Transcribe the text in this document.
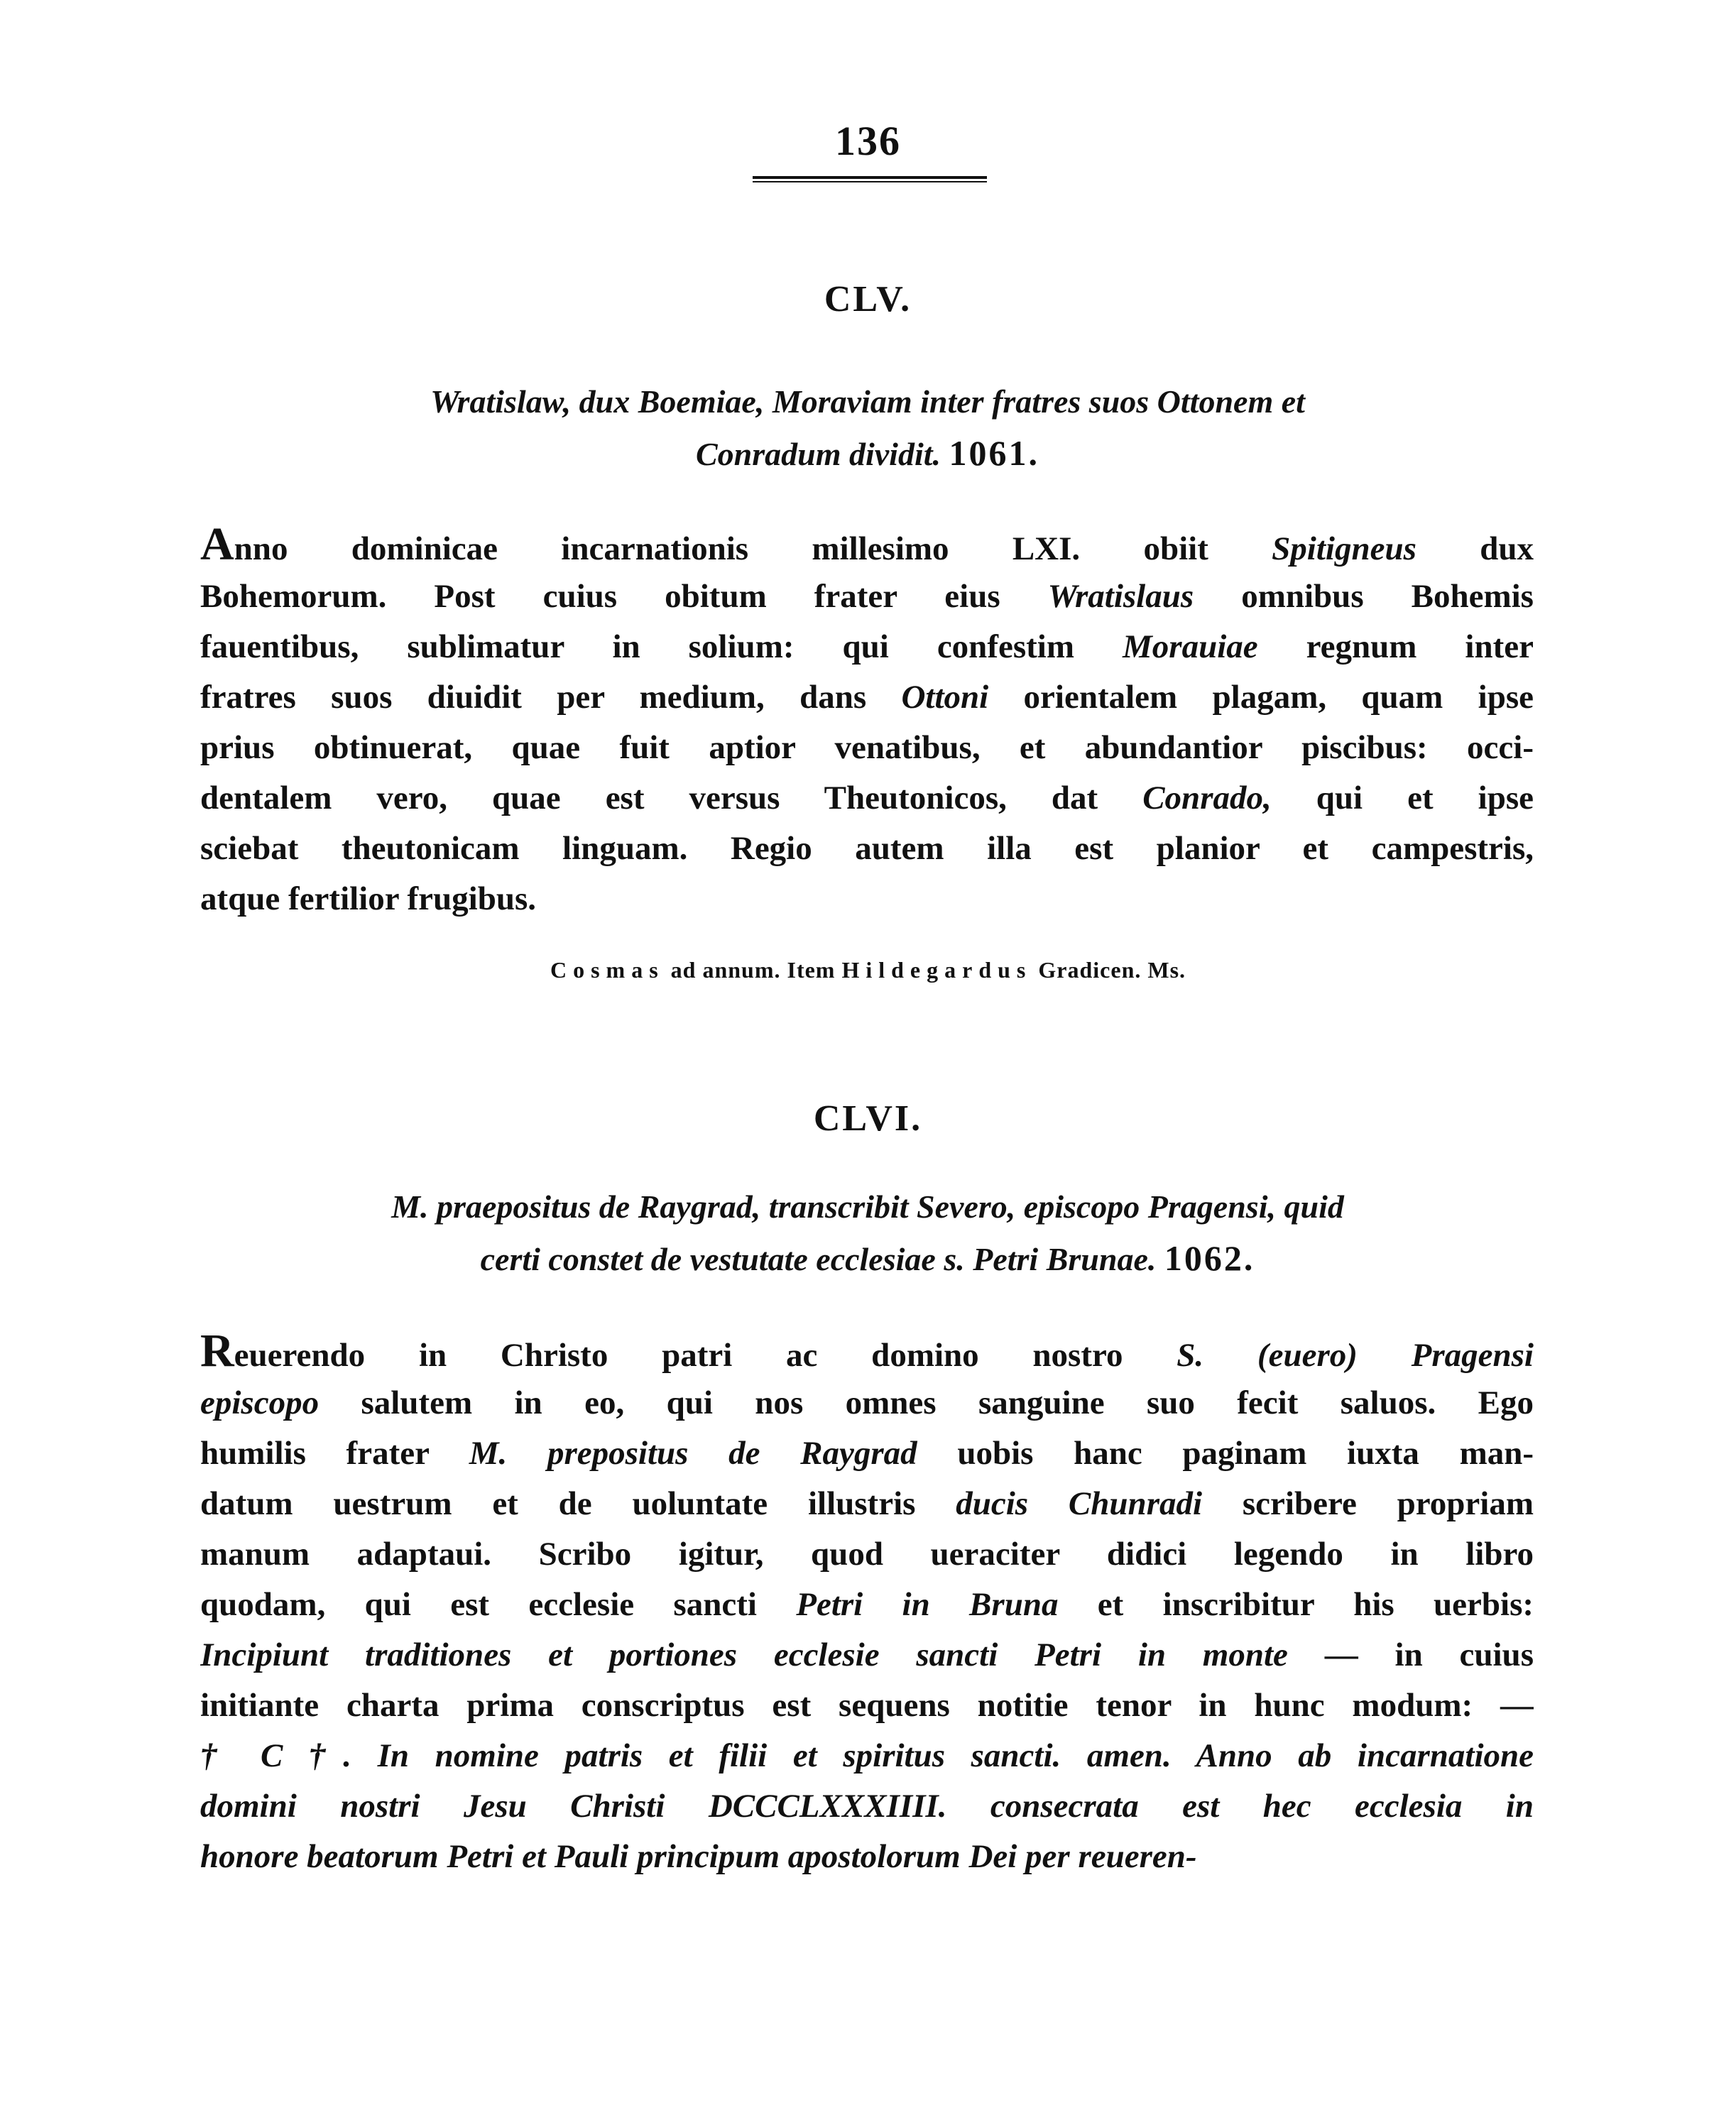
136
CLV.
Wratislaw, dux Boemiae, Moraviam inter fratres suos Ottonem et
Conradum dividit. 1061.
Anno dominicae incarnationis millesimo LXI. obiit Spitigneus dux
Bohemorum. Post cuius obitum frater eius Wratislaus omnibus Bohemis
fauentibus, sublimatur in solium: qui confestim Morauiae regnum inter
fratres suos diuidit per medium, dans Ottoni orientalem plagam, quam ipse
prius obtinuerat, quae fuit aptior venatibus, et abundantior piscibus: occi-
dentalem vero, quae est versus Theutonicos, dat Conrado, qui et ipse
sciebat theutonicam linguam. Regio autem illa est planior et campestris,
atque fertilior frugibus.
Cosmas ad annum. Item Hildegardus Gradicen. Ms.
CLVI.
M. praepositus de Raygrad, transcribit Severo, episcopo Pragensi, quid
certi constet de vestutate ecclesiae s. Petri Brunae. 1062.
Reuerendo in Christo patri ac domino nostro S. (euero) Pragensi
episcopo salutem in eo, qui nos omnes sanguine suo fecit saluos. Ego
humilis frater M. prepositus de Raygrad uobis hanc paginam iuxta man-
datum uestrum et de uoluntate illustris ducis Chunradi scribere propriam
manum adaptaui. Scribo igitur, quod ueraciter didici legendo in libro
quodam, qui est ecclesie sancti Petri in Bruna et inscribitur his uerbis:
Incipiunt traditiones et portiones ecclesie sancti Petri in monte — in cuius
initiante charta prima conscriptus est sequens notitie tenor in hunc modum: —
† C †. In nomine patris et filii et spiritus sancti. amen. Anno ab incarnatione
domini nostri Jesu Christi DCCCLXXXIIII. consecrata est hec ecclesia in
honore beatorum Petri et Pauli principum apostolorum Dei per reueren-
